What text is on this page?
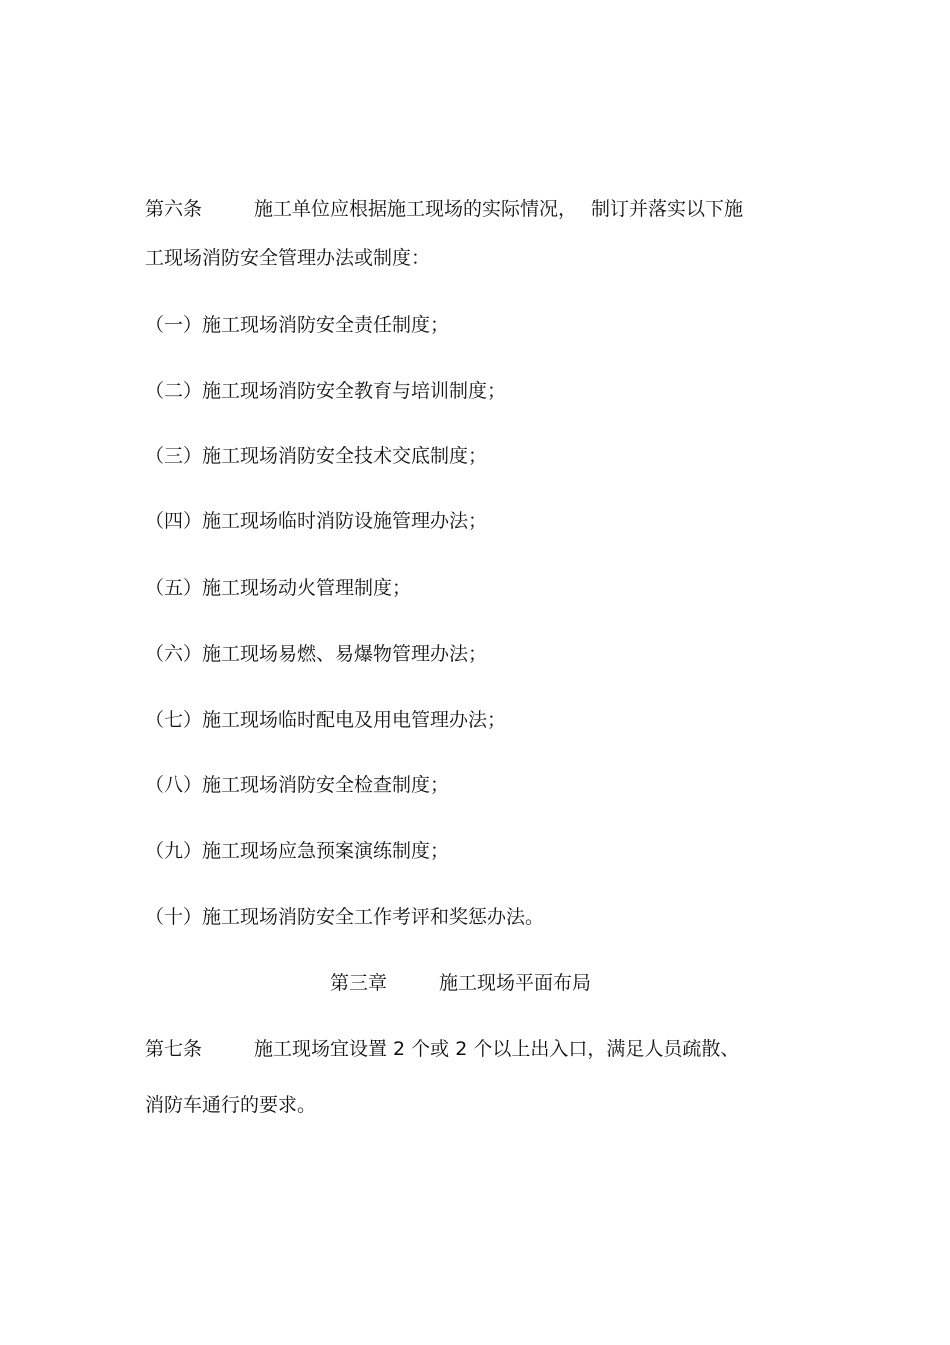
第六条	施工单位应根据施工现场的实际情况， 制订并落实以下施
工现场消防安全管理办法或制度：
（一）施工现场消防安全责任制度；
（二）施工现场消防安全教育与培训制度；
（三）施工现场消防安全技术交底制度；
（四）施工现场临时消防设施管理办法；
（五）施工现场动火管理制度；
（六）施工现场易燃、易爆物管理办法；
（七）施工现场临时配电及用电管理办法；
（八）施工现场消防安全检查制度；
（九）施工现场应急预案演练制度；
（十）施工现场消防安全工作考评和奖惩办法。
第三章	施工现场平面布局
第七条	施工现场宜设置 2 个或 2 个以上出入口，满足人员疏散、
消防车通行的要求。
